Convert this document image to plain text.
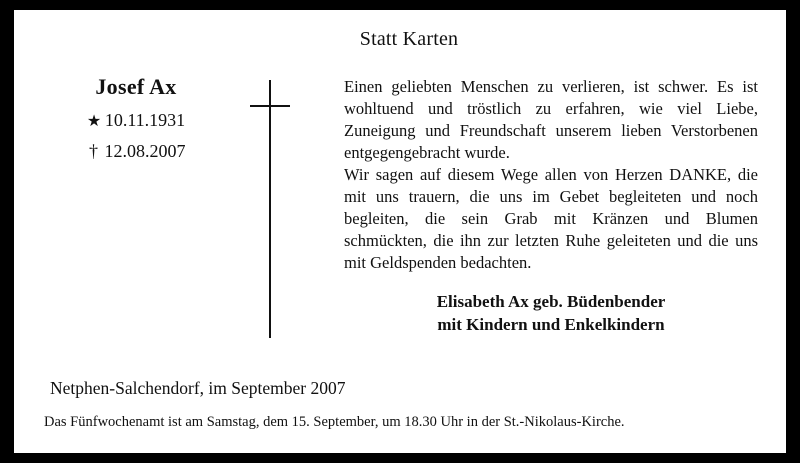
Statt Karten
Josef Ax
★ 10.11.1931
† 12.08.2007
Einen geliebten Menschen zu verlieren, ist schwer. Es ist wohltuend und tröstlich zu erfahren, wie viel Liebe, Zuneigung und Freundschaft unserem lieben Verstorbenen entgegengebracht wurde.
Wir sagen auf diesem Wege allen von Herzen DANKE, die mit uns trauern, die uns im Gebet begleiteten und noch begleiten, die sein Grab mit Kränzen und Blumen schmückten, die ihn zur letzten Ruhe geleiteten und die uns mit Geldspenden bedachten.
Elisabeth Ax geb. Büdenbender
mit Kindern und Enkelkindern
Netphen-Salchendorf, im September 2007
Das Fünfwochenamt ist am Samstag, dem 15. September, um 18.30 Uhr in der St.-Nikolaus-Kirche.
